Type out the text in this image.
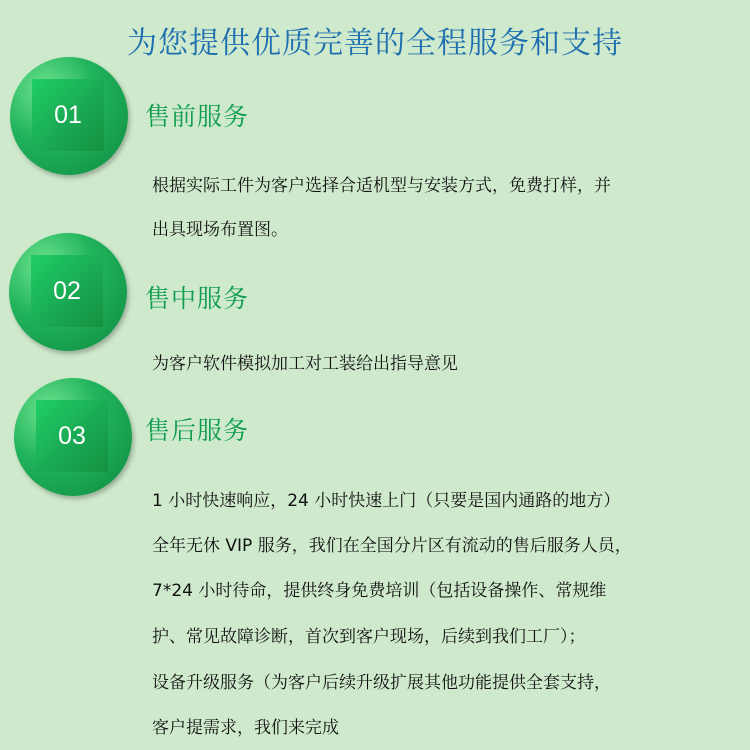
为您提供优质完善的全程服务和支持
01	售前服务
根据实际工件为客户选择合适机型与安装方式，免费打样，并
出具现场布置图。
02	售中服务
为客户软件模拟加工对工装给出指导意见
03	售后服务
1 小时快速响应，24 小时快速上门（只要是国内通路的地方）
全年无休 VIP 服务，我们在全国分片区有流动的售后服务人员，
7*24 小时待命，提供终身免费培训（包括设备操作、常规维
护、常见故障诊断，首次到客户现场，后续到我们工厂）；
设备升级服务（为客户后续升级扩展其他功能提供全套支持，
客户提需求，我们来完成
